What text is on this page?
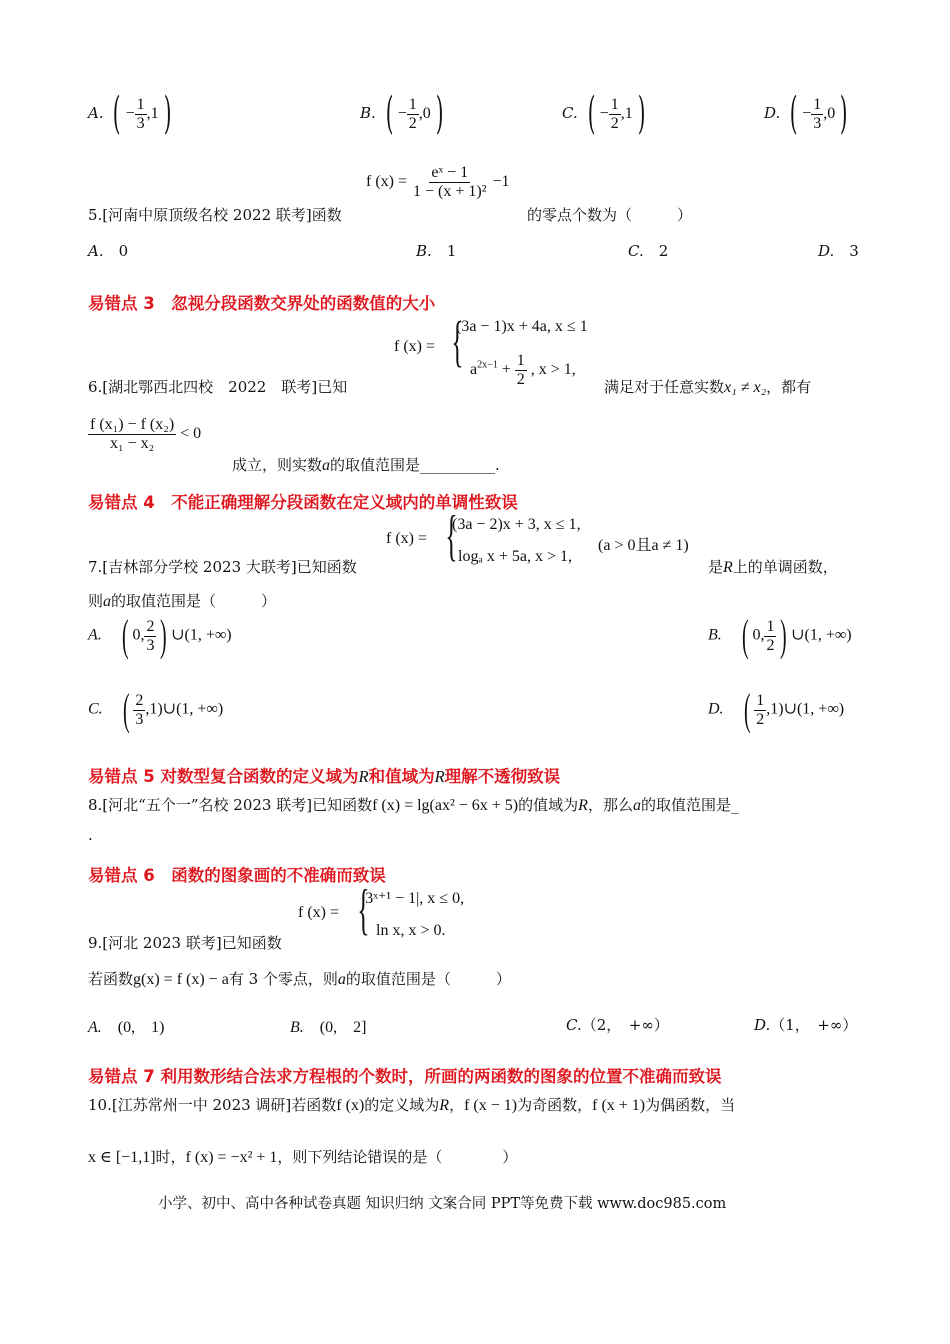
A. ( − $\frac{1}{3} ,1$ )	B. ( − $\frac{1}{2} ,0$ )	C. ( − $\frac{1}{2} ,1$ )	D. ( − $\frac{1}{3} ,0$ )
f $(x) = \frac{\text{eˣ − 1}}{\text{1 − (x + 1)²}} -1$
5.[河南中原顶级名校 2022 联考]函数	的零点个数为（　　　）
A.　 0	B.　 1	C.　 2	D.　 3
易错点 3　忽视分段函数交界处的函数值的大小
f (x) = {
(3a − 1)x + 4a, x ≤ 1
$a^{2x-1} + \frac{1}{2}$ , x > 1,
6.[湖北鄂西北四校　2022　联考]已知	满足对于任意实数x₁ ≠ x₂，都有
$\frac{\text{f (x₁) − f (x₂)}}{\text{x₁ − x₂}} < 0$
成立，则实数a的取值范围是__________.
易错点 4　不能正确理解分段函数在定义域内的单调性致误
f (x) = {
(3a − 2)x + 3, x ≤ 1,
logₐ x + 5a, x > 1,
(a > 0且a ≠ 1)
7.[吉林部分学校 2023 大联考]已知函数	是R上的单调函数，
则a的取值范围是（　　　）
A.　 ( 0, $\frac{2}{3}$ ) ∪(1, +∞)	B.　 ( 0, $\frac{1}{2}$ ) ∪(1, +∞)
C.　 ( $\frac{2}{3}$ ,1)∪(1, +∞)	D.　 ( $\frac{1}{2}$ ,1)∪(1, +∞)
易错点 5 对数型复合函数的定义域为R和值域为R理解不透彻致误
8.[河北“五个一”名校 2023 联考]已知函数f (x) = lg(ax² − 6x + 5)的值域为R，那么a的取值范围是_
.
易错点 6　函数的图象画的不准确而致误
f (x) = {
|3ˣ⁺¹ − 1|, x ≤ 0,
ln x, x > 0.
9.[河北 2023 联考]已知函数
若函数g(x) = f (x) − a有 3 个零点，则a的取值范围是（　　　）
A.　 (0,　1)	B.　 (0,　2]	C.（2，　+∞）	D.（1，　+∞）
易错点 7 利用数形结合法求方程根的个数时，所画的两函数的图象的位置不准确而致误
10.[江苏常州一中 2023 调研]若函数f (x)的定义域为R，f (x − 1)为奇函数，f (x + 1)为偶函数，当
x ∈ [−1,1]时，f (x) = −x² + 1，则下列结论错误的是（　　　　）
小学、初中、高中各种试卷真题 知识归纳 文案合同 PPT等免费下载 www.doc985.com
